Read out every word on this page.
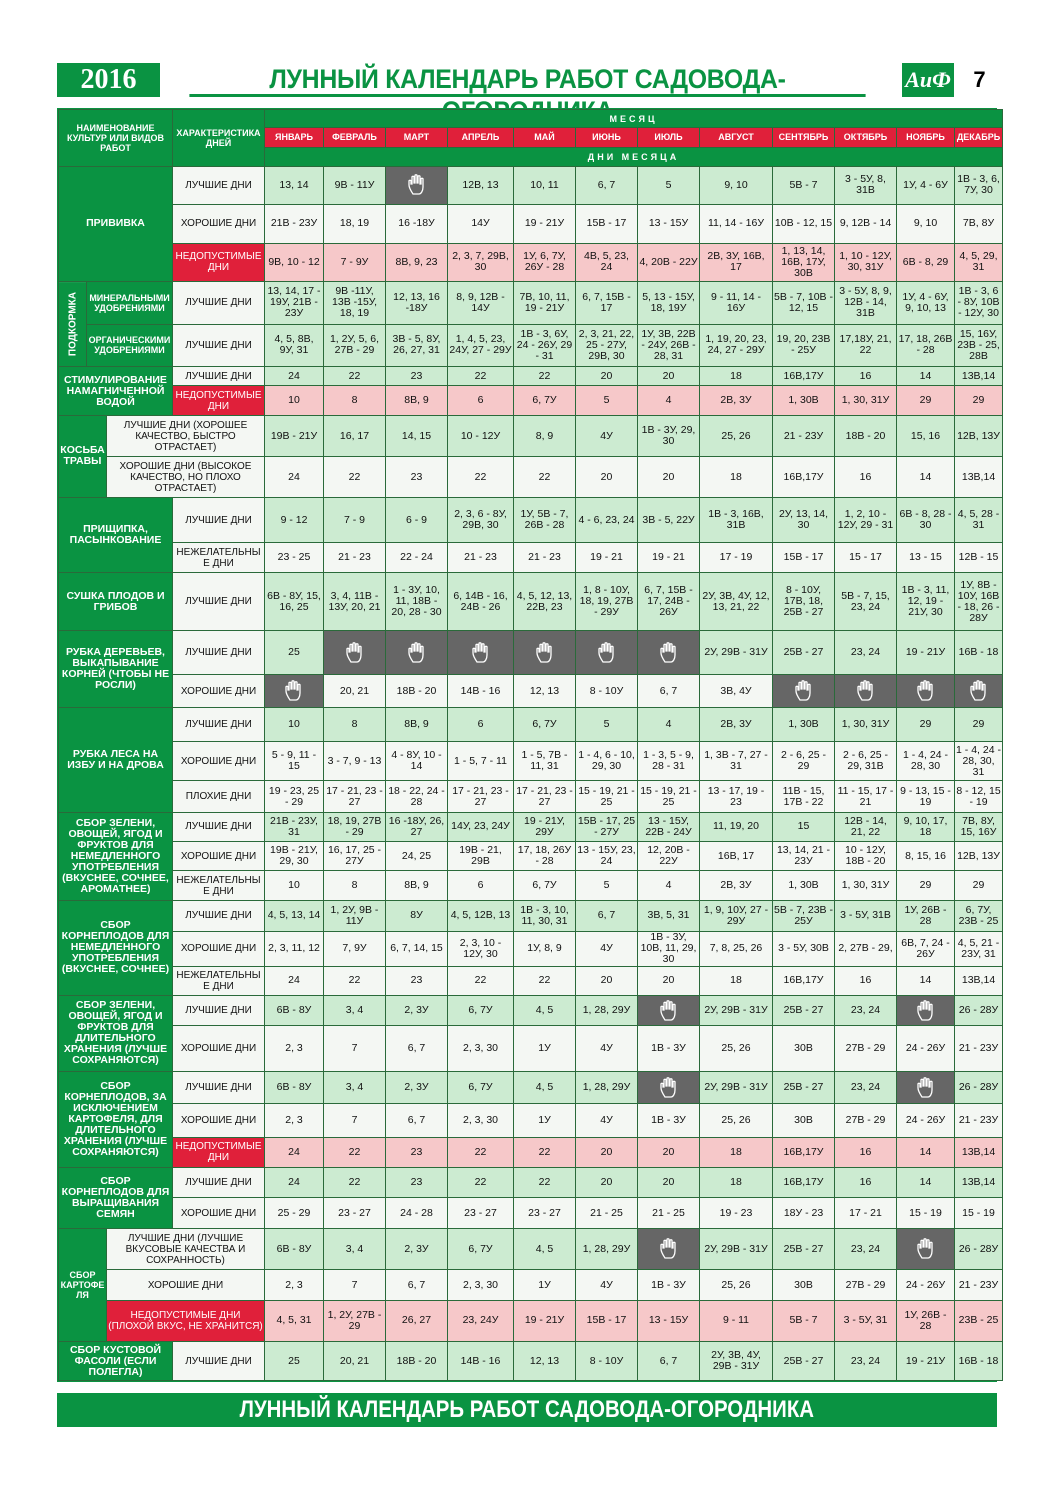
2016	ЛУННЫЙ КАЛЕНДАРЬ РАБОТ САДОВОДА-	АиФ	7
НАИМЕНОВАНИЕ КУЛЬТУР ИЛИ ВИДОВ РАБОТ			ХАРАКТЕРИСТИКА ДНЕЙ	МЕСЯЦ											
				ЯНВАРЬ	ФЕВРАЛЬ	МАРТ	АПРЕЛЬ	МАЙ	ИЮНЬ	ИЮЛЬ	АВГУСТ	СЕНТЯБРЬ	ОКТЯБРЬ	НОЯБРЬ	ДЕКАБРЬ
				ДНИ МЕСЯЦА											
ПРИВИВКА			ЛУЧШИЕ ДНИ	13, 14	9В - 11У		12В, 13	10, 11	6, 7	5	9, 10	5В - 7	3 - 5У, 8, 31В	1У, 4 - 6У	1В - 3, 6, 7У, 30
			ХОРОШИЕ ДНИ	21В - 23У	18, 19	16 -18У	14У	19 - 21У	15В - 17	13 - 15У	11, 14 - 16У	10В - 12, 15	9, 12В - 14	9, 10	7В, 8У
			НЕДОПУСТИМЫЕ ДНИ	9В, 10 - 12	7 - 9У	8В, 9, 23	2, 3, 7, 29В, 30	1У, 6, 7У, 26У - 28	4В, 5, 23, 24	4, 20В - 22У	2В, 3У, 16В, 17	1, 13, 14, 16В, 17У, 30В	1, 10 - 12У, 30, 31У	6В - 8, 29	4, 5, 29, 31
ПОДКОРМКА	МИНЕРАЛЬНЫМИ УДОБРЕНИЯМИ		ЛУЧШИЕ ДНИ	13, 14, 17 - 19У, 21В - 23У	9В -11У, 13В -15У, 18, 19	12, 13, 16 -18У	8, 9, 12В - 14У	7В, 10, 11, 19 - 21У	6, 7, 15В - 17	5, 13 - 15У, 18, 19У	9 - 11, 14 - 16У	5В - 7, 10В - 12, 15	3 - 5У, 8, 9, 12В - 14, 31В	1У, 4 - 6У, 9, 10, 13	1В - 3, 6 - 8У, 10В - 12У, 30
	ОРГАНИЧЕСКИМИ УДОБРЕНИЯМИ		ЛУЧШИЕ ДНИ	4, 5, 8В, 9У, 31	1, 2У, 5, 6, 27В - 29	3В - 5, 8У, 26, 27, 31	1, 4, 5, 23, 24У, 27 - 29У	1В - 3, 6У, 24 - 26У, 29 - 31	2, 3, 21, 22, 25 - 27У, 29В, 30	1У, 3В, 22В - 24У, 26В - 28, 31	1, 19, 20, 23, 24, 27 - 29У	19, 20, 23В - 25У	17,18У, 21, 22	17, 18, 26В - 28	15, 16У, 23В - 25, 28В
СТИМУЛИРОВАНИЕ НАМАГНИЧЕННОЙ ВОДОЙ			ЛУЧШИЕ ДНИ	24	22	23	22	22	20	20	18	16В,17У	16	14	13В,14
			НЕДОПУСТИМЫЕ ДНИ	10	8	8В, 9	6	6, 7У	5	4	2В, 3У	1, 30В	1, 30, 31У	29	29
КОСЬБА ТРАВЫ		ЛУЧШИЕ ДНИ (ХОРОШЕЕ КАЧЕСТВО, БЫСТРО ОТРАСТАЕТ)		19В - 21У	16, 17	14, 15	10 - 12У	8, 9	4У	1В - 3У, 29, 30	25, 26	21 - 23У	18В - 20	15, 16	12В, 13У
		ХОРОШИЕ ДНИ (ВЫСОКОЕ КАЧЕСТВО, НО ПЛОХО ОТРАСТАЕТ)		24	22	23	22	22	20	20	18	16В,17У	16	14	13В,14
ПРИЩИПКА, ПАСЫНКОВАНИЕ			ЛУЧШИЕ ДНИ	9 - 12	7 - 9	6 - 9	2, 3, 6 - 8У, 29В, 30	1У, 5В - 7, 26В - 28	4 - 6, 23, 24	3В - 5, 22У	1В - 3, 16В, 31В	2У, 13, 14, 30	1, 2, 10 - 12У, 29 - 31	6В - 8, 28 - 30	4, 5, 28 - 31
			НЕЖЕЛАТЕЛЬНЫЕ ДНИ	23 - 25	21 - 23	22 - 24	21 - 23	21 - 23	19 - 21	19 - 21	17 - 19	15В - 17	15 - 17	13 - 15	12В - 15
СУШКА ПЛОДОВ И ГРИБОВ			ЛУЧШИЕ ДНИ	6В - 8У, 15, 16, 25	3, 4, 11В - 13У, 20, 21	1 - 3У, 10, 11, 18В - 20, 28 - 30	6, 14В - 16, 24В - 26	4, 5, 12, 13, 22В, 23	1, 8 - 10У, 18, 19, 27В - 29У	6, 7, 15В - 17, 24В - 26У	2У, 3В, 4У, 12, 13, 21, 22	8 - 10У, 17В, 18, 25В - 27	5В - 7, 15, 23, 24	1В - 3, 11, 12, 19 - 21У, 30	1У, 8В - 10У, 16В - 18, 26 - 28У
РУБКА ДЕРЕВЬЕВ, ВЫКАПЫВАНИЕ КОРНЕЙ (ЧТОБЫ НЕ РОСЛИ)			ЛУЧШИЕ ДНИ	25							2У, 29В - 31У	25В - 27	23, 24	19 - 21У	16В - 18
			ХОРОШИЕ ДНИ		20, 21	18В - 20	14В - 16	12, 13	8 - 10У	6, 7	3В, 4У	

РУБКА ЛЕСА НА ИЗБУ И НА ДРОВА			ЛУЧШИЕ ДНИ	10	8	8В, 9	6	6, 7У	5	4	2В, 3У	1, 30В	1, 30, 31У	29	29
			ХОРОШИЕ ДНИ	5 - 9, 11 - 15	3 - 7, 9 - 13	4 - 8У, 10 - 14	1 - 5, 7 - 11	1 - 5, 7В - 11, 31	1 - 4, 6 - 10, 29, 30	1 - 3, 5 - 9, 28 - 31	1, 3В - 7, 27 - 31	2 - 6, 25 - 29	2 - 6, 25 - 29, 31В	1 - 4, 24 - 28, 30	1 - 4, 24 - 28, 30, 31
			ПЛОХИЕ ДНИ	19 - 23, 25 - 29	17 - 21, 23 - 27	18 - 22, 24 - 28	17 - 21, 23 - 27	17 - 21, 23 - 27	15 - 19, 21 - 25	15 - 19, 21 - 25	13 - 17, 19 - 23	11В - 15, 17В - 22	11 - 15, 17 - 21	9 - 13, 15 - 19	8 - 12, 15 - 19
СБОР ЗЕЛЕНИ, ОВОЩЕЙ, ЯГОД И ФРУКТОВ ДЛЯ НЕМЕДЛЕННОГО УПОТРЕБЛЕНИЯ (ВКУСНЕЕ, СОЧНЕЕ, АРОМАТНЕЕ)			ЛУЧШИЕ ДНИ	21В - 23У, 31	18, 19, 27В - 29	16 -18У, 26, 27	14У, 23, 24У	19 - 21У, 29У	15В - 17, 25 - 27У	13 - 15У, 22В - 24У	11, 19, 20	15	12В - 14, 21, 22	9, 10, 17, 18	7В, 8У, 15, 16У
			ХОРОШИЕ ДНИ	19В - 21У, 29, 30	16, 17, 25 - 27У	24, 25	19В - 21, 29В	17, 18, 26У - 28	13 - 15У, 23, 24	12, 20В - 22У	16В, 17	13, 14, 21 - 23У	10 - 12У, 18В - 20	8, 15, 16	12В, 13У
			НЕЖЕЛАТЕЛЬНЫЕ ДНИ	10	8	8В, 9	6	6, 7У	5	4	2В, 3У	1, 30В	1, 30, 31У	29	29
СБОР КОРНЕПЛОДОВ ДЛЯ НЕМЕДЛЕННОГО УПОТРЕБЛЕНИЯ (ВКУСНЕЕ, СОЧНЕЕ)			ЛУЧШИЕ ДНИ	4, 5, 13, 14	1, 2У, 9В - 11У	8У	4, 5, 12В, 13	1В - 3, 10, 11, 30, 31	6, 7	3В, 5, 31	1, 9, 10У, 27 - 29У	5В - 7, 23В - 25У	3 - 5У, 31В	1У, 26В - 28	6, 7У, 23В - 25
			ХОРОШИЕ ДНИ	2, 3, 11, 12	7, 9У	6, 7, 14, 15	2, 3, 10 - 12У, 30	1У, 8, 9	4У	1В - 3У, 10В, 11, 29, 30	7, 8, 25, 26	3 - 5У, 30В	2, 27В - 29,	6В, 7, 24 - 26У	4, 5, 21 - 23У, 31
			НЕЖЕЛАТЕЛЬНЫЕ ДНИ	24	22	23	22	22	20	20	18	16В,17У	16	14	13В,14
СБОР ЗЕЛЕНИ, ОВОЩЕЙ, ЯГОД И ФРУКТОВ ДЛЯ ДЛИТЕЛЬНОГО ХРАНЕНИЯ (ЛУЧШЕ СОХРАНЯЮТСЯ)			ЛУЧШИЕ ДНИ	6В - 8У	3, 4	2, 3У	6, 7У	4, 5	1, 28, 29У		2У, 29В - 31У	25В - 27	23, 24		26 - 28У
			ХОРОШИЕ ДНИ	2, 3	7	6, 7	2, 3, 30	1У	4У	1В - 3У	25, 26	30В	27В - 29	24 - 26У	21 - 23У
СБОР КОРНЕПЛОДОВ, ЗА ИСКЛЮЧЕНИЕМ КАРТОФЕЛЯ, ДЛЯ ДЛИТЕЛЬНОГО ХРАНЕНИЯ (ЛУЧШЕ СОХРАНЯЮТСЯ)			ЛУЧШИЕ ДНИ	6В - 8У	3, 4	2, 3У	6, 7У	4, 5	1, 28, 29У		2У, 29В - 31У	25В - 27	23, 24		26 - 28У
			ХОРОШИЕ ДНИ	2, 3	7	6, 7	2, 3, 30	1У	4У	1В - 3У	25, 26	30В	27В - 29	24 - 26У	21 - 23У
			НЕДОПУСТИМЫЕ ДНИ	24	22	23	22	22	20	20	18	16В,17У	16	14	13В,14
СБОР КОРНЕПЛОДОВ ДЛЯ ВЫРАЩИВАНИЯ СЕМЯН			ЛУЧШИЕ ДНИ	24	22	23	22	22	20	20	18	16В,17У	16	14	13В,14
			ХОРОШИЕ ДНИ	25 - 29	23 - 27	24 - 28	23 - 27	23 - 27	21 - 25	21 - 25	19 - 23	18У - 23	17 - 21	15 - 19	15 - 19
СБОР КАРТОФЕЛЯ		ЛУЧШИЕ ДНИ (ЛУЧШИЕ ВКУСОВЫЕ КАЧЕСТВА И СОХРАННОСТЬ)		6В - 8У	3, 4	2, 3У	6, 7У	4, 5	1, 28, 29У		2У, 29В - 31У	25В - 27	23, 24		26 - 28У
		ХОРОШИЕ ДНИ		2, 3	7	6, 7	2, 3, 30	1У	4У	1В - 3У	25, 26	30В	27В - 29	24 - 26У	21 - 23У
		НЕДОПУСТИМЫЕ ДНИ (ПЛОХОЙ ВКУС, НЕ ХРАНИТСЯ)		4, 5, 31	1, 2У, 27В - 29	26, 27	23, 24У	19 - 21У	15В - 17	13 - 15У	9 - 11	5В - 7	3 - 5У, 31	1У, 26В - 28	23В - 25
СБОР КУСТОВОЙ ФАСОЛИ (ЕСЛИ ПОЛЕГЛА)			ЛУЧШИЕ ДНИ	25	20, 21	18В - 20	14В - 16	12, 13	8 - 10У	6, 7	2У, 3В, 4У, 29В - 31У	25В - 27	23, 24	19 - 21У	16В - 18
ЛУННЫЙ КАЛЕНДАРЬ РАБОТ САДОВОДА-ОГОРОДНИКА
